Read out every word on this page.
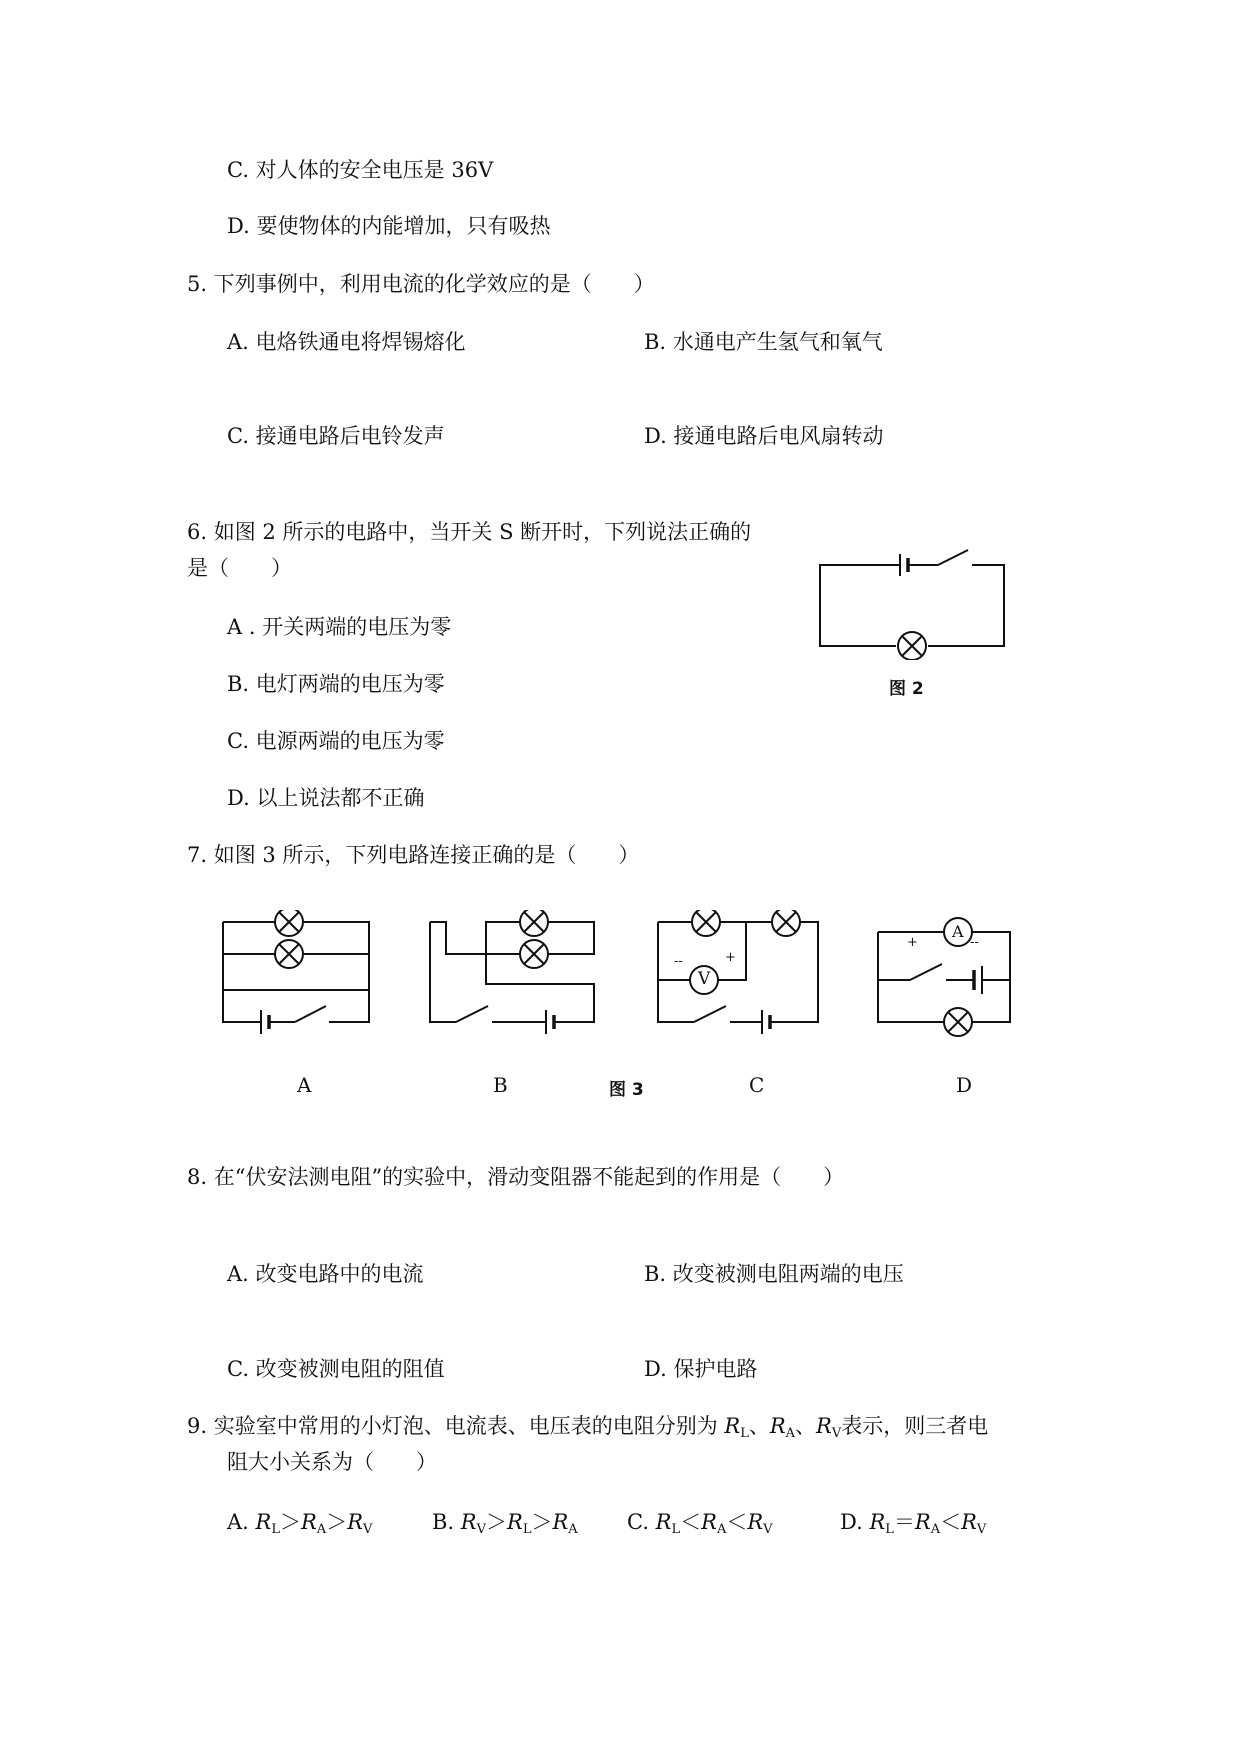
C. 对人体的安全电压是 36V
D. 要使物体的内能增加，只有吸热
5. 下列事例中，利用电流的化学效应的是（　　）
A. 电烙铁通电将焊锡熔化	B. 水通电产生氢气和氧气
C. 接通电路后电铃发声	D. 接通电路后电风扇转动
6. 如图 2 所示的电路中，当开关 S 断开时，下列说法正确的
是（　　）
A . 开关两端的电压为零
B. 电灯两端的电压为零
C. 电源两端的电压为零
D. 以上说法都不正确
图 2
7. 如图 3 所示，下列电路连接正确的是（　　）
V
--	+
A
+	--
A	B	图 3	C	D
8. 在“伏安法测电阻”的实验中，滑动变阻器不能起到的作用是（　　）
A. 改变电路中的电流	B. 改变被测电阻两端的电压
C. 改变被测电阻的阻值	D. 保护电路
9. 实验室中常用的小灯泡、电流表、电压表的电阻分别为 $R_L$、$R_A$、$R_V$表示，则三者电
阻大小关系为（　　）
A. $R_L>R_A>R_V$	B. $R_V>R_L>R_A$ C. $R_L<R_A<R_V$	D. $R_L=R_A<R_V$
